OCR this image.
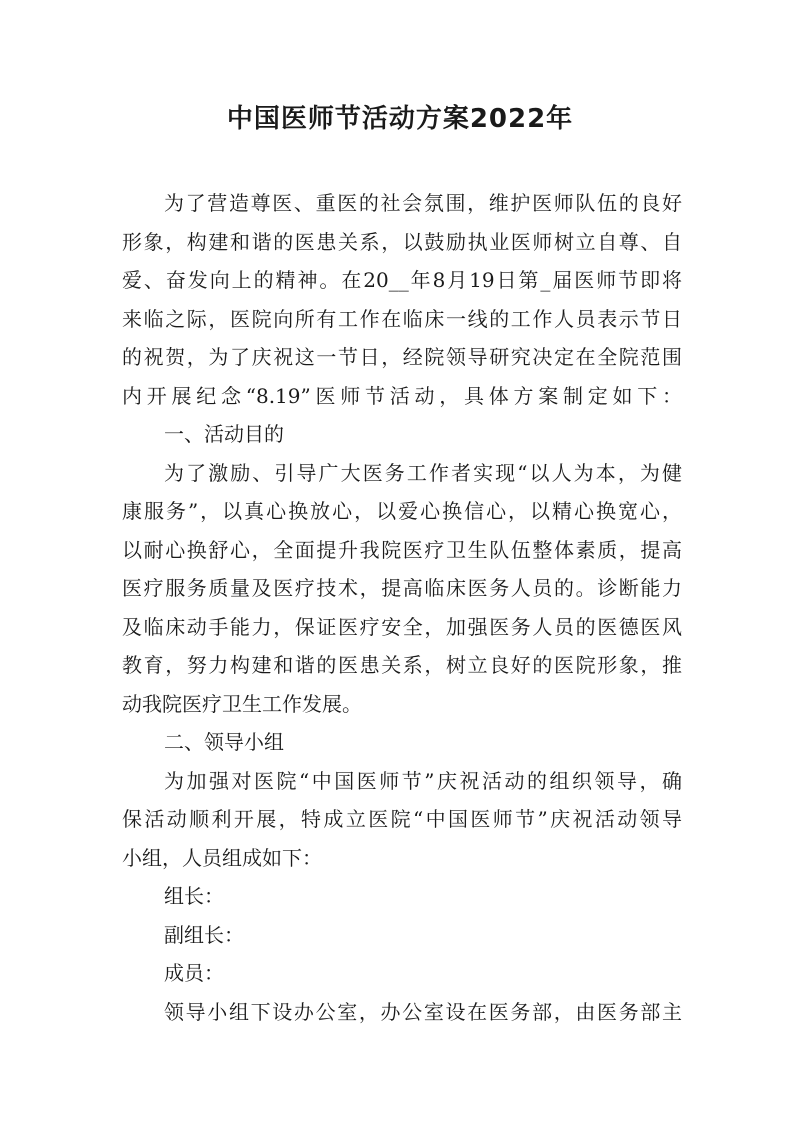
中国医师节活动方案2022年
为了营造尊医、重医的社会氛围，维护医师队伍的良好
形象，构建和谐的医患关系，以鼓励执业医师树立自尊、自
爱、奋发向上的精神。在20__年8月19日第_届医师节即将
来临之际，医院向所有工作在临床一线的工作人员表示节日
的祝贺，为了庆祝这一节日，经院领导研究决定在全院范围
内开展纪念“8.19”医师节活动，具体方案制定如下：
一、活动目的
为了激励、引导广大医务工作者实现“以人为本，为健
康服务”，以真心换放心，以爱心换信心，以精心换宽心，
以耐心换舒心，全面提升我院医疗卫生队伍整体素质，提高
医疗服务质量及医疗技术，提高临床医务人员的。诊断能力
及临床动手能力，保证医疗安全，加强医务人员的医德医风
教育，努力构建和谐的医患关系，树立良好的医院形象，推
动我院医疗卫生工作发展。
二、领导小组
为加强对医院“中国医师节”庆祝活动的组织领导，确
保活动顺利开展，特成立医院“中国医师节”庆祝活动领导
小组，人员组成如下：
组长：
副组长：
成员：
领导小组下设办公室，办公室设在医务部，由医务部主
